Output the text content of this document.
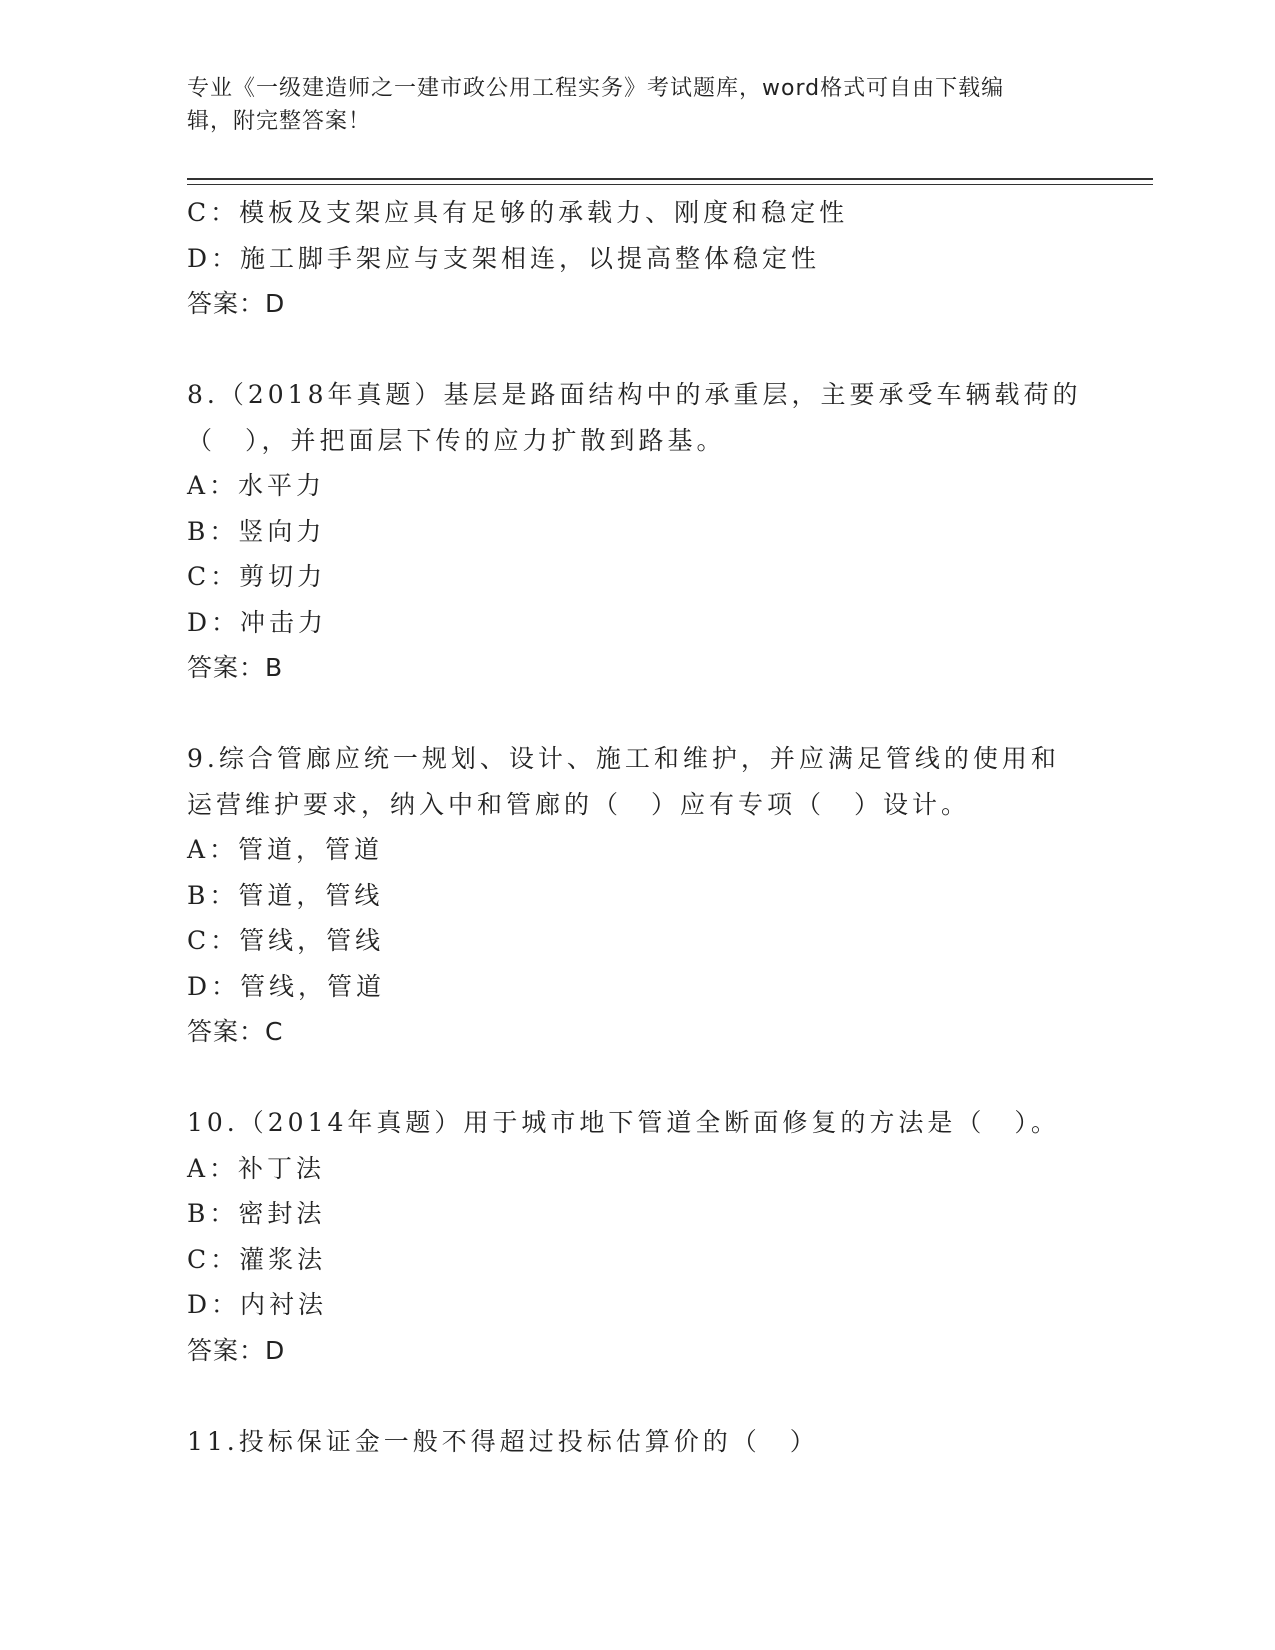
专业《一级建造师之一建市政公用工程实务》考试题库，word格式可自由下载编
辑，附完整答案！
C：模板及支架应具有足够的承载力、刚度和稳定性
D：施工脚手架应与支架相连，以提高整体稳定性
答案：D
8.（2018年真题）基层是路面结构中的承重层，主要承受车辆载荷的
（　），并把面层下传的应力扩散到路基。
A：水平力
B：竖向力
C：剪切力
D：冲击力
答案：B
9.综合管廊应统一规划、设计、施工和维护，并应满足管线的使用和
运营维护要求，纳入中和管廊的（　）应有专项（　）设计。
A：管道，管道
B：管道，管线
C：管线，管线
D：管线，管道
答案：C
10.（2014年真题）用于城市地下管道全断面修复的方法是（　）。
A：补丁法
B：密封法
C：灌浆法
D：内衬法
答案：D
11.投标保证金一般不得超过投标估算价的（　）
